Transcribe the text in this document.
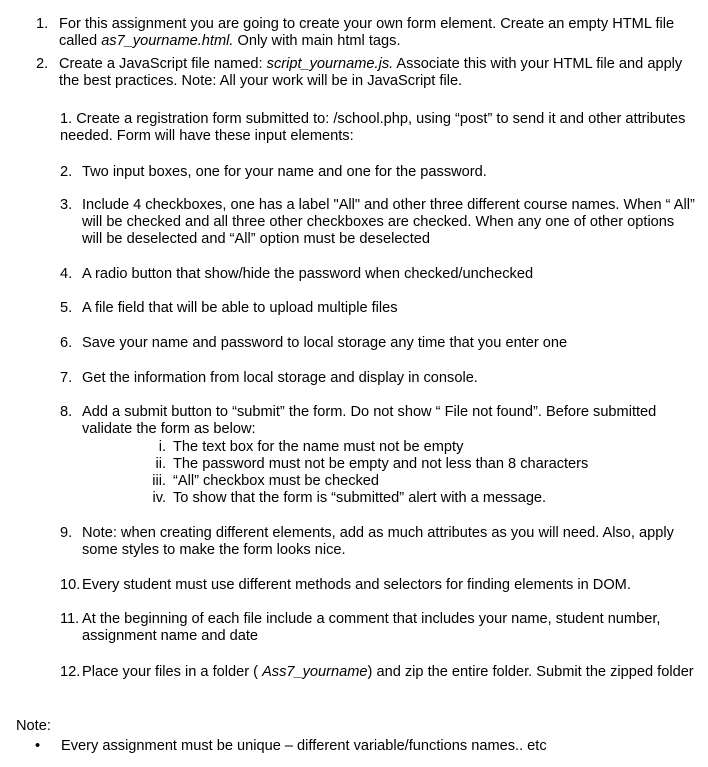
1. For this assignment you are going to create your own form element. Create an empty HTML file called as7_yourname.html. Only with main html tags.
2. Create a JavaScript file named: script_yourname.js. Associate this with your HTML file and apply the best practices. Note: All your work will be in JavaScript file.
1. Create a registration form submitted to: /school.php, using “post” to send it and other attributes needed. Form will have these input elements:
2. Two input boxes, one for your name and one for the password.
3. Include 4 checkboxes, one has a label "All" and other three different course names. When “ All” will be checked and all three other checkboxes are checked. When any one of other options will be deselected and “All” option must be deselected
4. A radio button that show/hide the password when checked/unchecked
5. A file field that will be able to upload multiple files
6. Save your name and password to local storage any time that you enter one
7. Get the information from local storage and display in console.
8. Add a submit button to “submit” the form. Do not show “ File not found”. Before submitted validate the form as below:
i. The text box for the name must not be empty
ii. The password must not be empty and not less than 8 characters
iii. “All” checkbox must be checked
iv. To show that the form is “submitted” alert with a message.
9. Note: when creating different elements, add as much attributes as you will need. Also, apply some styles to make the form looks nice.
10. Every student must use different methods and selectors for finding elements in DOM.
11. At the beginning of each file include a comment that includes your name, student number, assignment name and date
12. Place your files in a folder ( Ass7_yourname) and zip the entire folder. Submit the zipped folder
Note:
• Every assignment must be unique – different variable/functions names.. etc
